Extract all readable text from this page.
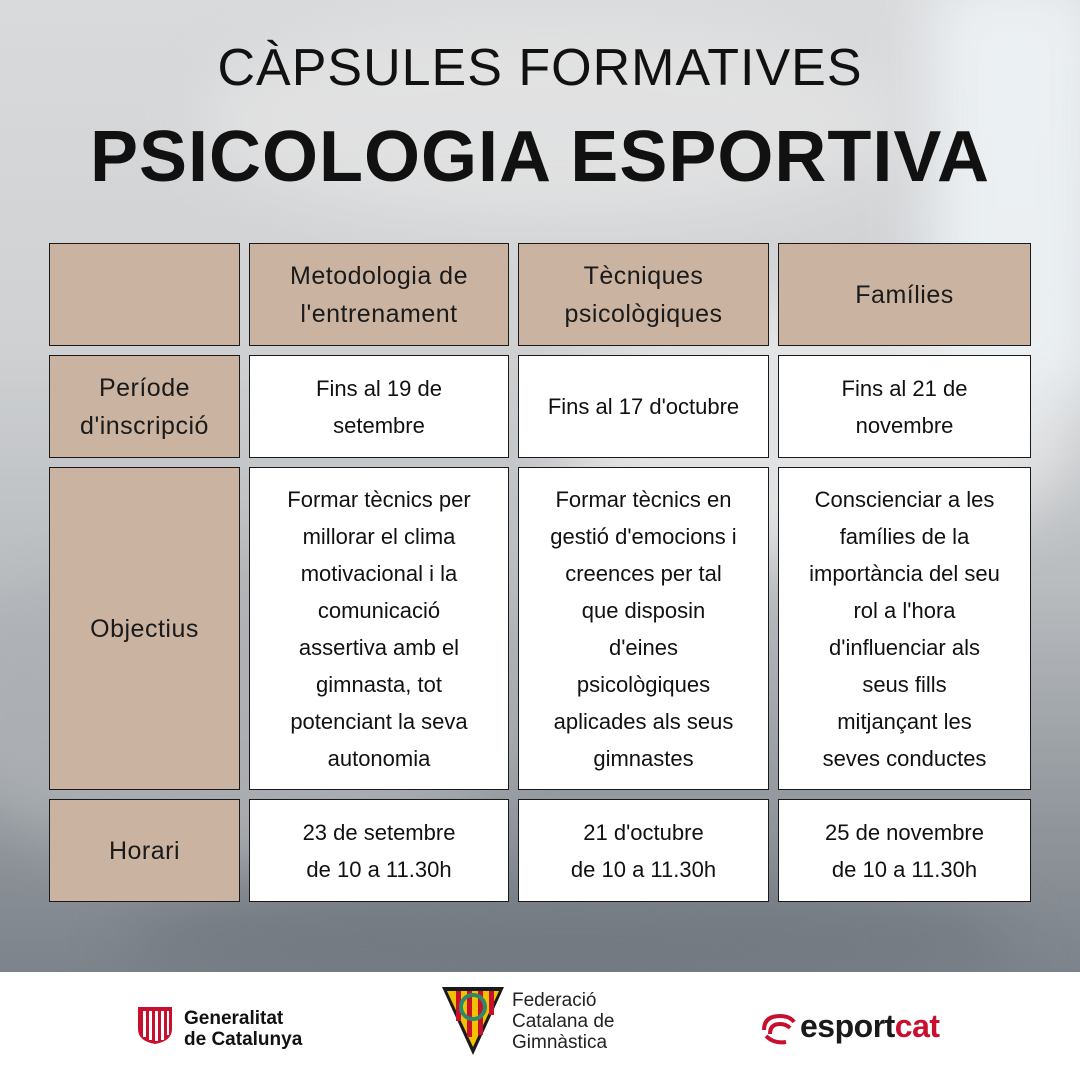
CÀPSULES FORMATIVES
PSICOLOGIA ESPORTIVA
Metodologia de
l'entrenament
Tècniques
psicològiques
Famílies
Període
d'inscripció
Fins al 19 de
setembre
Fins al 17 d'octubre
Fins al 21 de
novembre
Objectius
Formar tècnics per
millorar el clima
motivacional i la
comunicació
assertiva amb el
gimnasta, tot
potenciant la seva
autonomia
Formar tècnics en
gestió d'emocions i
creences per tal
que disposin
d'eines
psicològiques
aplicades als seus
gimnastes
Conscienciar a les
famílies de la
importància del seu
rol a l'hora
d'influenciar als
seus fills
mitjançant les
seves conductes
Horari
23 de setembre
de 10 a 11.30h
21 d'octubre
de 10 a 11.30h
25 de novembre
de 10 a 11.30h
Generalitat
de Catalunya
Federació
Catalana de
Gimnàstica	esportcat
